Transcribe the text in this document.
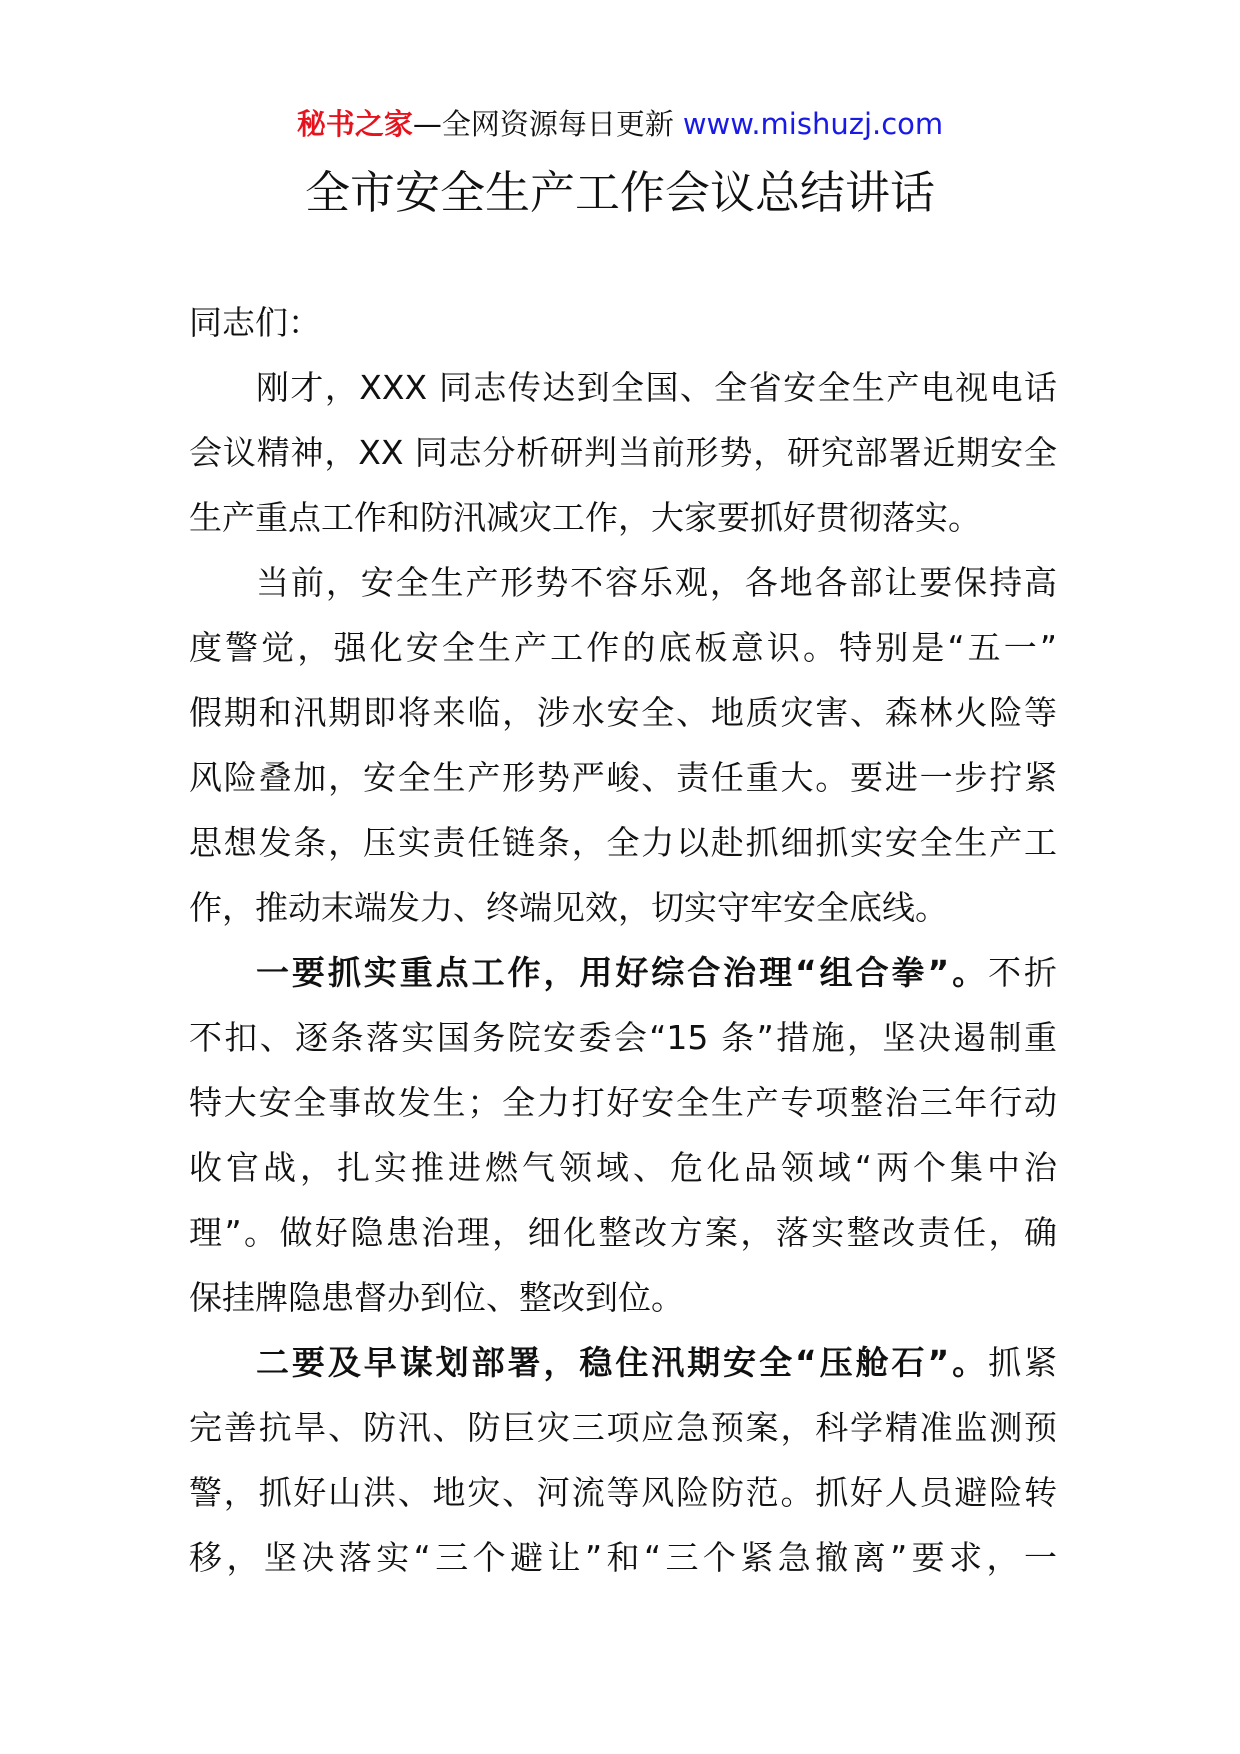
秘书之家—全网资源每日更新 www.mishuzj.com
全市安全生产工作会议总结讲话
同志们：
刚才，XXX 同志传达到全国、全省安全生产电视电话
会议精神，XX 同志分析研判当前形势，研究部署近期安全
生产重点工作和防汛减灾工作，大家要抓好贯彻落实。
当前，安全生产形势不容乐观，各地各部让要保持高
度警觉，强化安全生产工作的底板意识。特别是“五一”
假期和汛期即将来临，涉水安全、地质灾害、森林火险等
风险叠加，安全生产形势严峻、责任重大。要进一步拧紧
思想发条，压实责任链条，全力以赴抓细抓实安全生产工
作，推动末端发力、终端见效，切实守牢安全底线。
一要抓实重点工作，用好综合治理“组合拳”。不折
不扣、逐条落实国务院安委会“15 条”措施，坚决遏制重
特大安全事故发生；全力打好安全生产专项整治三年行动
收官战，扎实推进燃气领域、危化品领域“两个集中治
理”。做好隐患治理，细化整改方案，落实整改责任，确
保挂牌隐患督办到位、整改到位。
二要及早谋划部署，稳住汛期安全“压舱石”。抓紧
完善抗旱、防汛、防巨灾三项应急预案，科学精准监测预
警，抓好山洪、地灾、河流等风险防范。抓好人员避险转
移，坚决落实“三个避让”和“三个紧急撤离”要求，一
